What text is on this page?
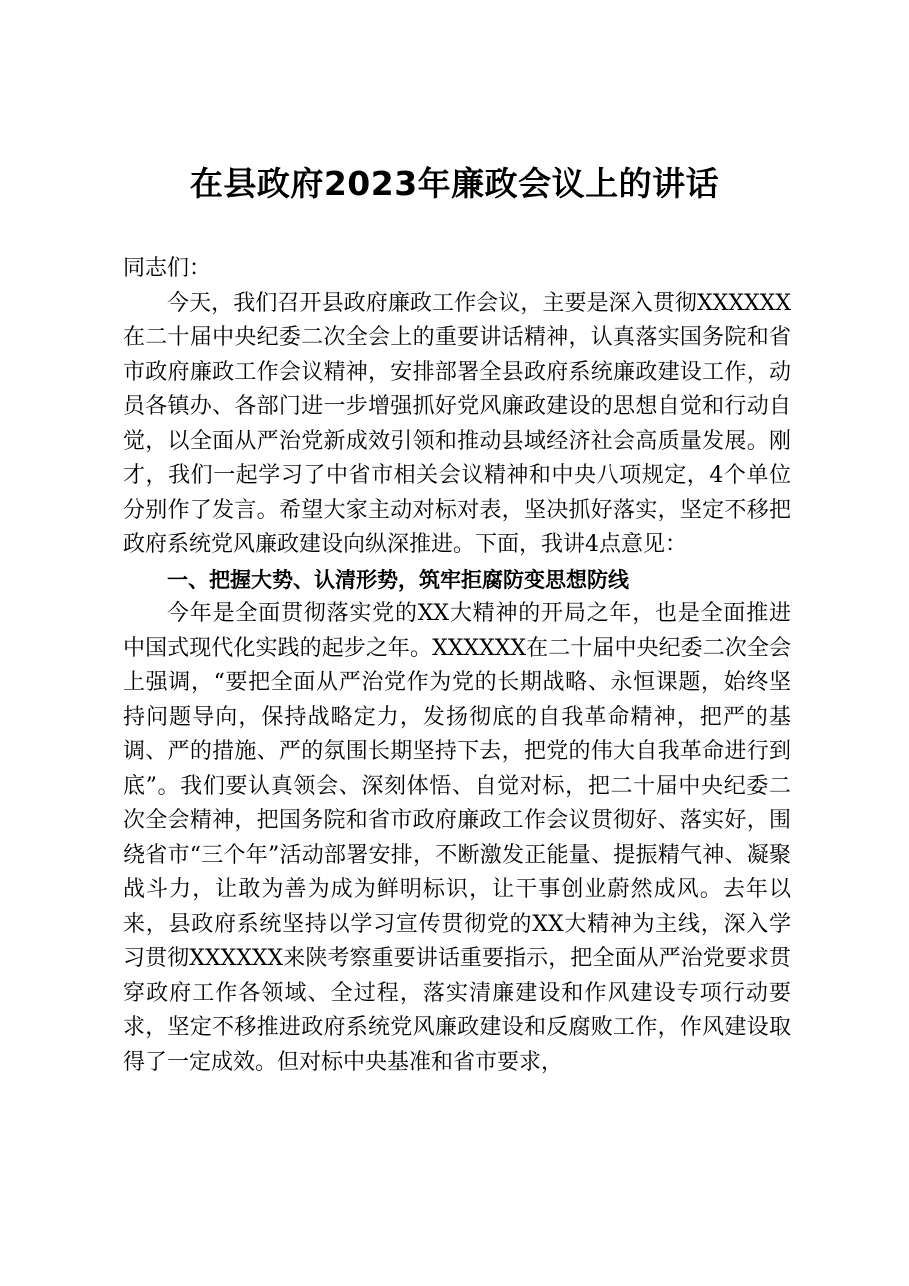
在县政府2023年廉政会议上的讲话

同志们：

今天，我们召开县政府廉政工作会议，主要是深入贯彻XXXXXX在二十届中央纪委二次全会上的重要讲话精神，认真落实国务院和省市政府廉政工作会议精神，安排部署全县政府系统廉政建设工作，动员各镇办、各部门进一步增强抓好党风廉政建设的思想自觉和行动自觉，以全面从严治党新成效引领和推动县域经济社会高质量发展。刚才，我们一起学习了中省市相关会议精神和中央八项规定，4个单位分别作了发言。希望大家主动对标对表，坚决抓好落实，坚定不移把政府系统党风廉政建设向纵深推进。下面，我讲4点意见：

一、把握大势、认清形势，筑牢拒腐防变思想防线

今年是全面贯彻落实党的XX大精神的开局之年，也是全面推进中国式现代化实践的起步之年。XXXXXX在二十届中央纪委二次全会上强调，“要把全面从严治党作为党的长期战略、永恒课题，始终坚持问题导向，保持战略定力，发扬彻底的自我革命精神，把严的基调、严的措施、严的氛围长期坚持下去，把党的伟大自我革命进行到底”。我们要认真领会、深刻体悟、自觉对标，把二十届中央纪委二次全会精神，把国务院和省市政府廉政工作会议贯彻好、落实好，围绕省市“三个年”活动部署安排，不断激发正能量、提振精气神、凝聚战斗力，让敢为善为成为鲜明标识，让干事创业蔚然成风。去年以来，县政府系统坚持以学习宣传贯彻党的XX大精神为主线，深入学习贯彻XXXXXX来陕考察重要讲话重要指示，把全面从严治党要求贯穿政府工作各领域、全过程，落实清廉建设和作风建设专项行动要求，坚定不移推进政府系统党风廉政建设和反腐败工作，作风建设取得了一定成效。但对标中央基准和省市要求，
